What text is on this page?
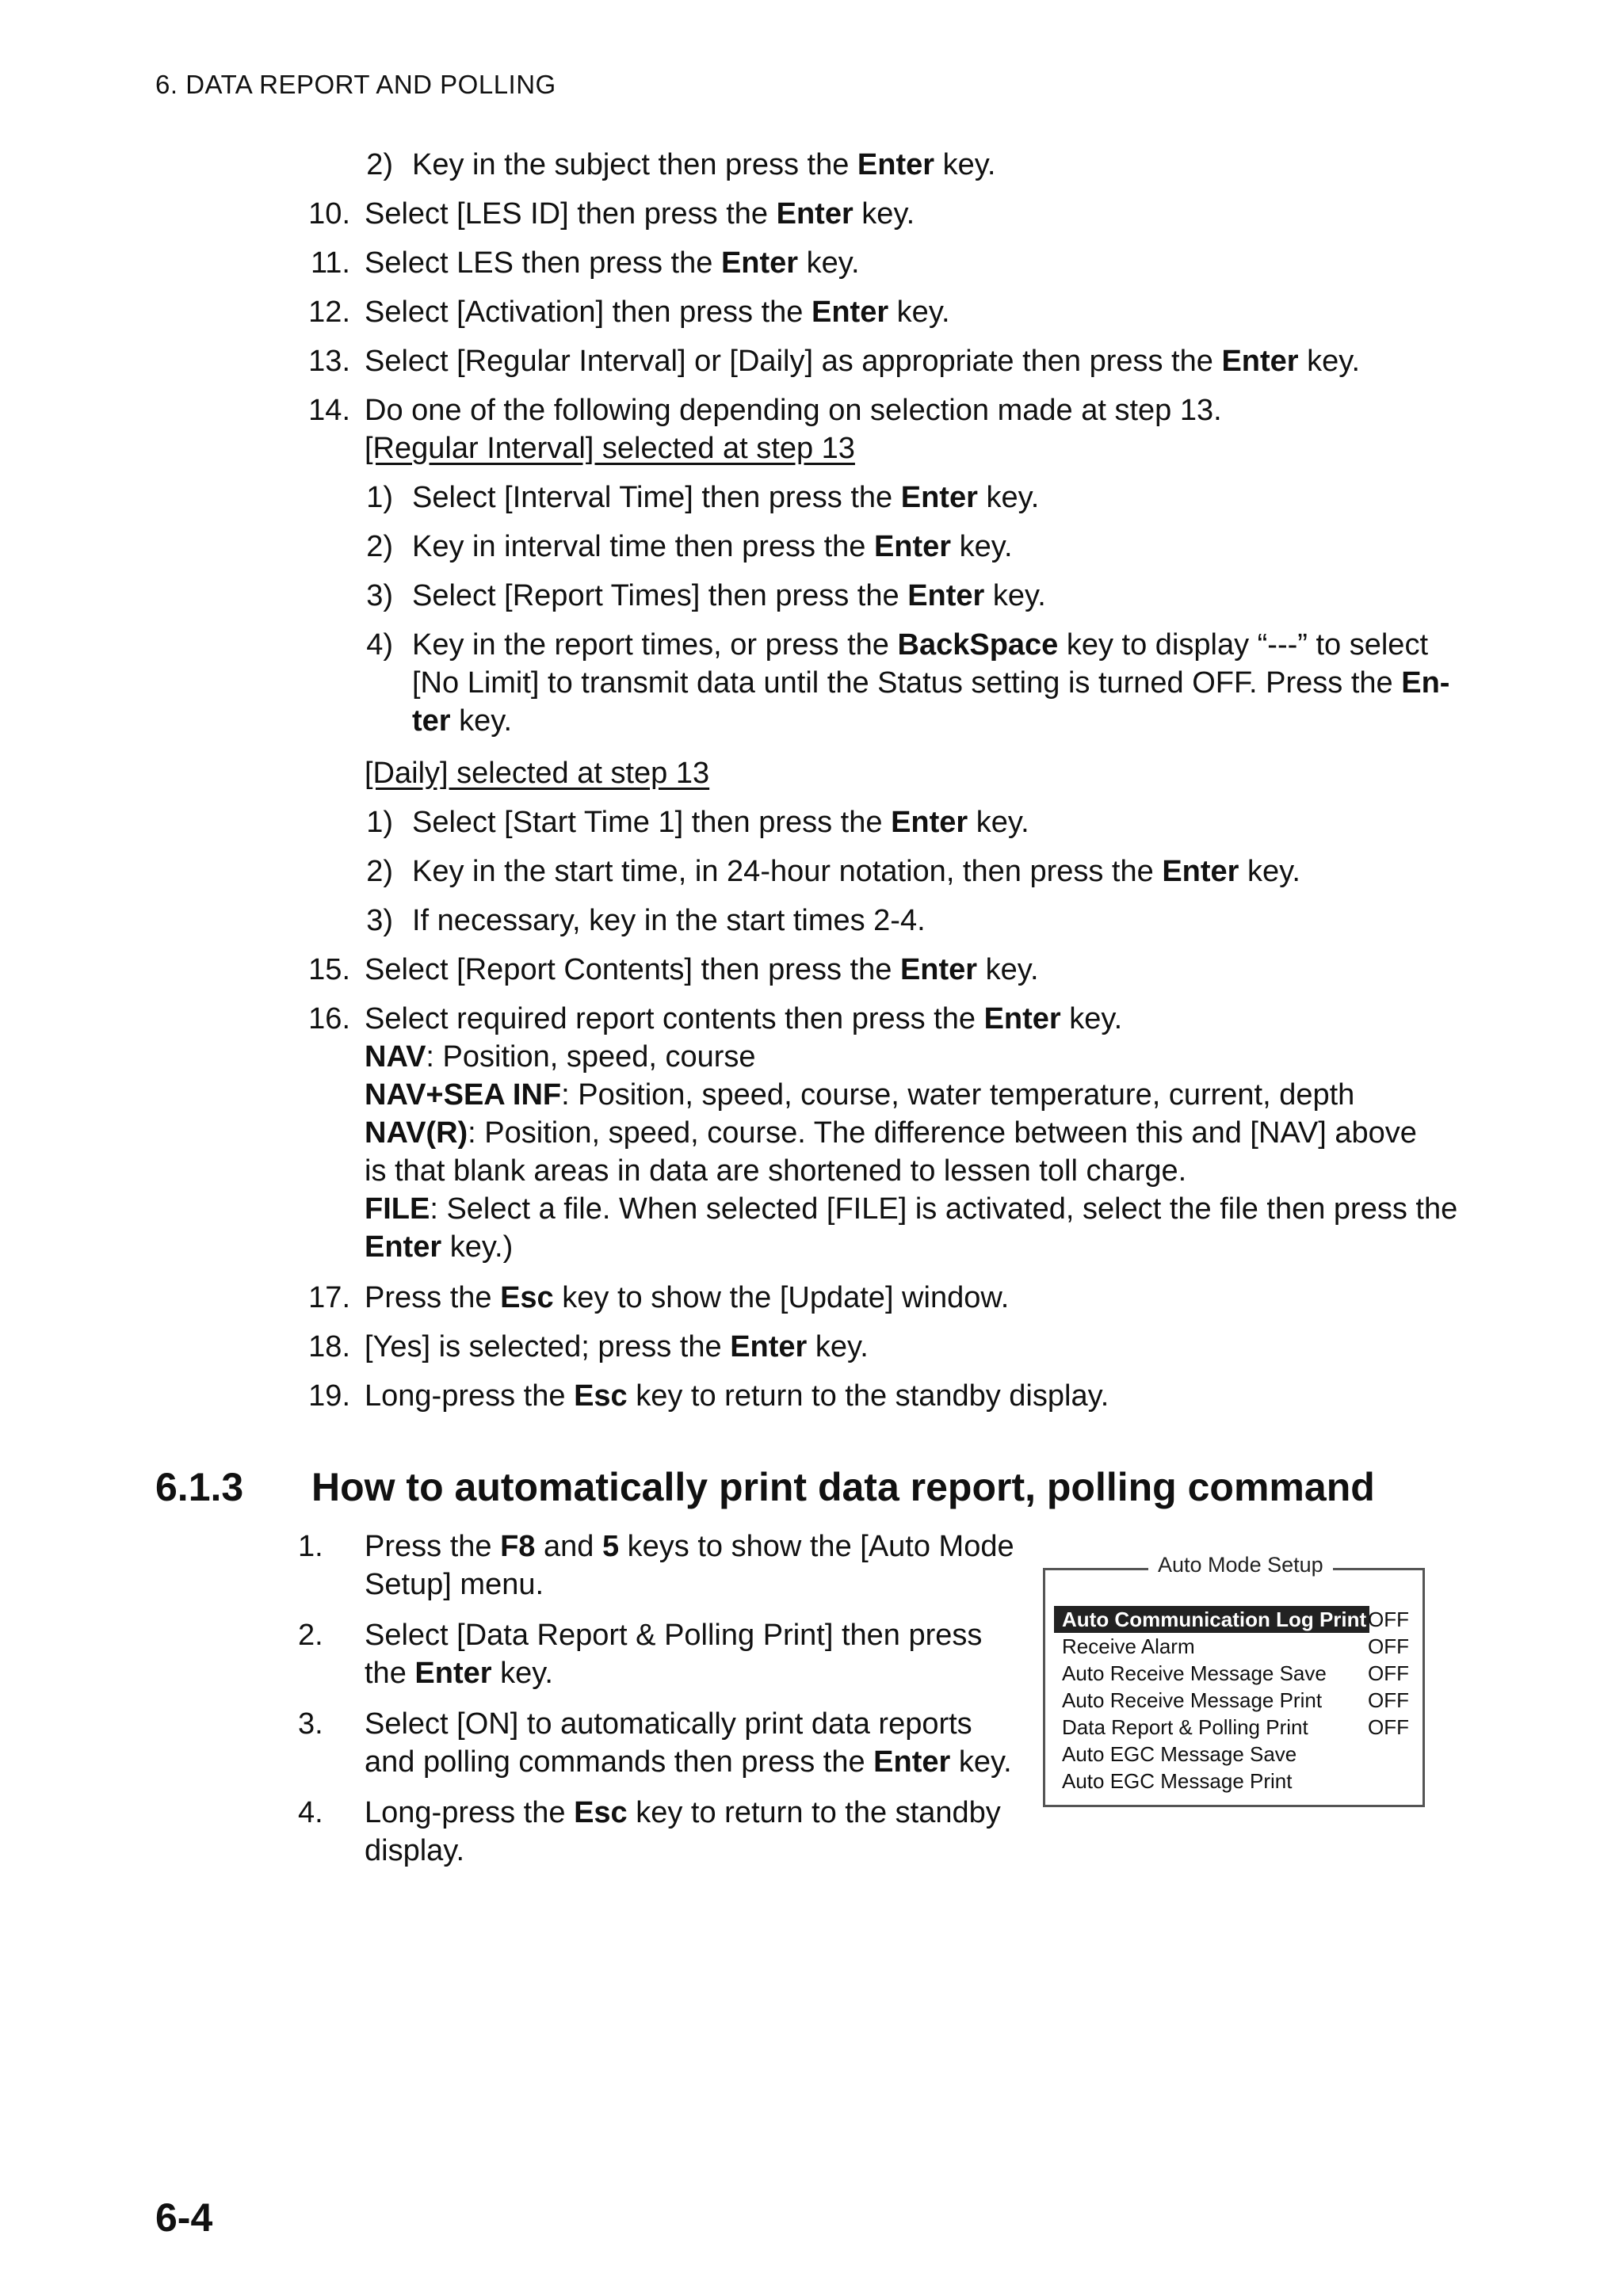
6. DATA REPORT AND POLLING
2) Key in the subject then press the Enter key.
10. Select [LES ID] then press the Enter key.
11. Select LES then press the Enter key.
12. Select [Activation] then press the Enter key.
13. Select [Regular Interval] or [Daily] as appropriate then press the Enter key.
14. Do one of the following depending on selection made at step 13.
[Regular Interval] selected at step 13
1) Select [Interval Time] then press the Enter key.
2) Key in interval time then press the Enter key.
3) Select [Report Times] then press the Enter key.
4) Key in the report times, or press the BackSpace key to display “---” to select
[No Limit] to transmit data until the Status setting is turned OFF. Press the En-
ter key.
[Daily] selected at step 13
1) Select [Start Time 1] then press the Enter key.
2) Key in the start time, in 24-hour notation, then press the Enter key.
3) If necessary, key in the start times 2-4.
15. Select [Report Contents] then press the Enter key.
16. Select required report contents then press the Enter key.
NAV: Position, speed, course
NAV+SEA INF: Position, speed, course, water temperature, current, depth
NAV(R): Position, speed, course. The difference between this and [NAV] above
is that blank areas in data are shortened to lessen toll charge.
FILE: Select a file. When selected [FILE] is activated, select the file then press the
Enter key.)
17. Press the Esc key to show the [Update] window.
18. [Yes] is selected; press the Enter key.
19. Long-press the Esc key to return to the standby display.
6.1.3 How to automatically print data report, polling command
1.	Press the F8 and 5 keys to show the [Auto Mode
Setup] menu.
2.	Select [Data Report & Polling Print] then press
the Enter key.
3.	Select [ON] to automatically print data reports
and polling commands then press the Enter key.
4.	Long-press the Esc key to return to the standby
display.
Auto Mode Setup
Auto Communication Log Print OFF
Receive Alarm	OFF
Auto Receive Message Save OFF
Auto Receive Message Print OFF
Data Report & Polling Print	OFF
Auto EGC Message Save
Auto EGC Message Print
6-4
